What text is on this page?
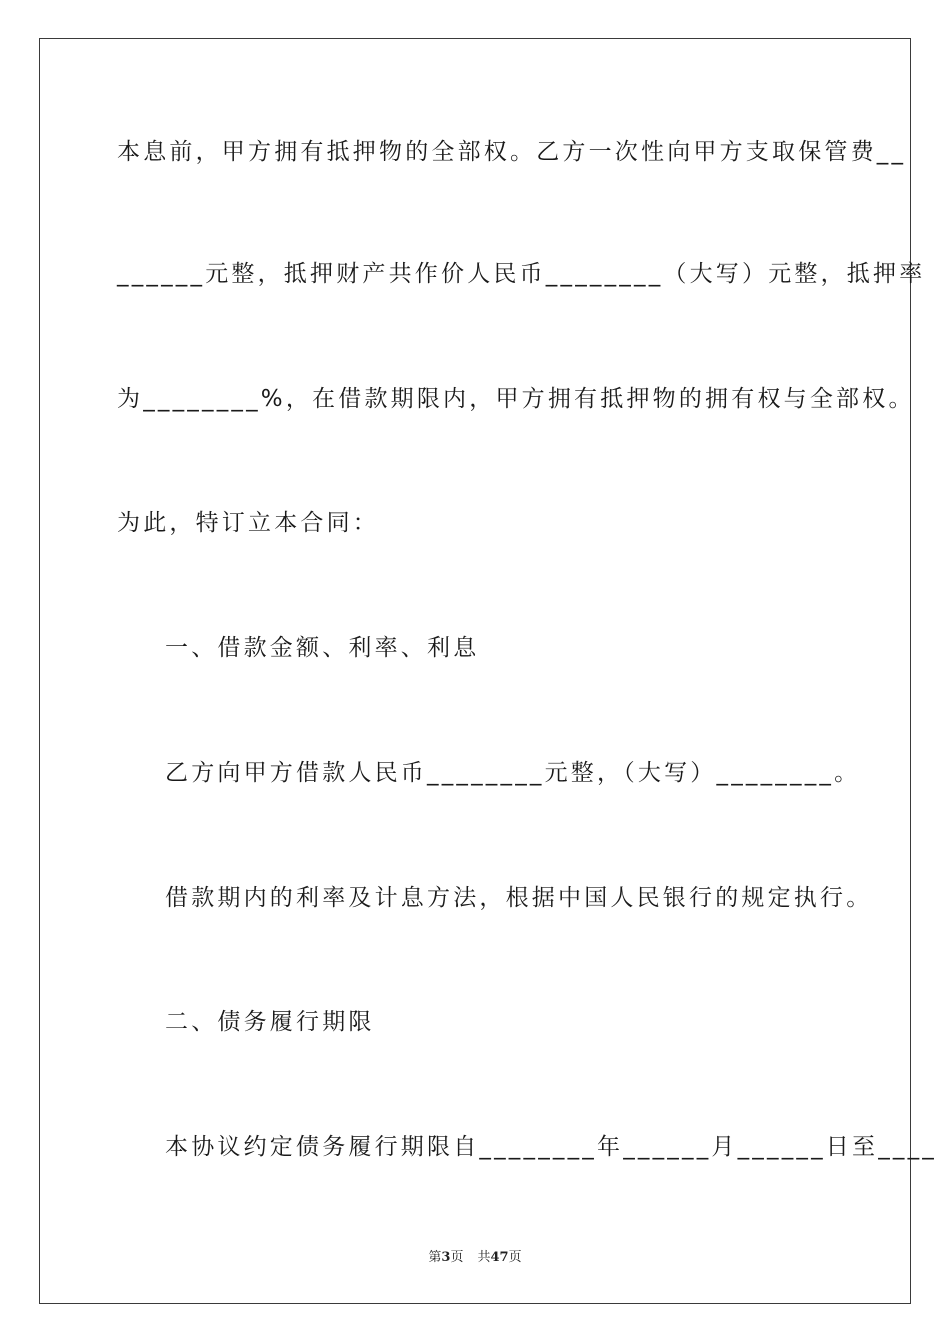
本息前，甲方拥有抵押物的全部权。乙方一次性向甲方支取保管费__
______元整，抵押财产共作价人民币________（大写）元整，抵押率
为________%，在借款期限内，甲方拥有抵押物的拥有权与全部权。
为此，特订立本合同：
一、借款金额、利率、利息
乙方向甲方借款人民币________元整，（大写）________。
借款期内的利率及计息方法，根据中国人民银行的规定执行。
二、债务履行期限
本协议约定债务履行期限自________年______月______日至____
第3页 共47页
